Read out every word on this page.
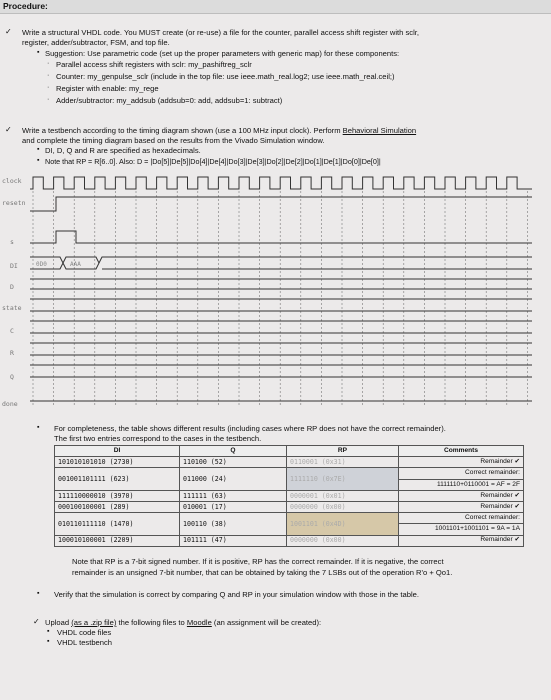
Procedure:
✓ Write a structural VHDL code. You MUST create (or re-use) a file for the counter, parallel access shift register with sclr,
register, adder/subtractor, FSM, and top file.
▪ Suggestion: Use parametric code (set up the proper parameters with generic map) for these components:
· Parallel access shift registers with sclr: my_pashiftreg_sclr
· Counter: my_genpulse_sclr (include in the top file: use ieee.math_real.log2; use ieee.math_real.ceil;)
· Register with enable: my_rege
· Adder/subtractor: my_addsub (addsub=0: add, addsub=1: subtract)
✓ Write a testbench according to the timing diagram shown (use a 100 MHz input clock). Perform Behavioral Simulation
and complete the timing diagram based on the results from the Vivado Simulation window.
▪ DI, D, Q and R are specified as hexadecimals.
▪ Note that RP = R[6..0]. Also: D = |Do[5]|De[5]|Do[4]|De[4]|Do[3]|De[3]|Do[2]|De[2]|Do[1]|De[1]|Do[0]|De[0]|
clock
resetn
s
DI
D
state
C
R
Q
done
0D0	AAA
▪ For completeness, the table shows different results (including cases where RP does not have the correct remainder).
The first two entries correspond to the cases in the testbench.
DI	Q	RP	Comments
101010101010 (2730)	110100 (52)	0110001 (0x31)	Remainder ✔
001001101111 (623)	011000 (24)	1111110 (0x7E)	Correct remainder:
			1111110+0110001 = AF = 2F
111110000010 (3970)	111111 (63)	0000001 (0x01)	Remainder ✔
000100100001 (289)	010001 (17)	0000000 (0x00)	Remainder ✔
010110111110 (1470)	100110 (38)	1001101 (0x4D)	Correct remainder:
			1001101+1001101 = 9A = 1A
100010100001 (2209)	101111 (47)	0000000 (0x00)	Remainder ✔
Note that RP is a 7-bit signed number. If it is positive, RP has the correct remainder. If it is negative, the correct
remainder is an unsigned 7-bit number, that can be obtained by taking the 7 LSBs out of the operation R'o + Qo1.
▪ Verify that the simulation is correct by comparing Q and RP in your simulation window with those in the table.
✓ Upload (as a .zip file) the following files to Moodle (an assignment will be created):
▪ VHDL code files
▪ VHDL testbench
